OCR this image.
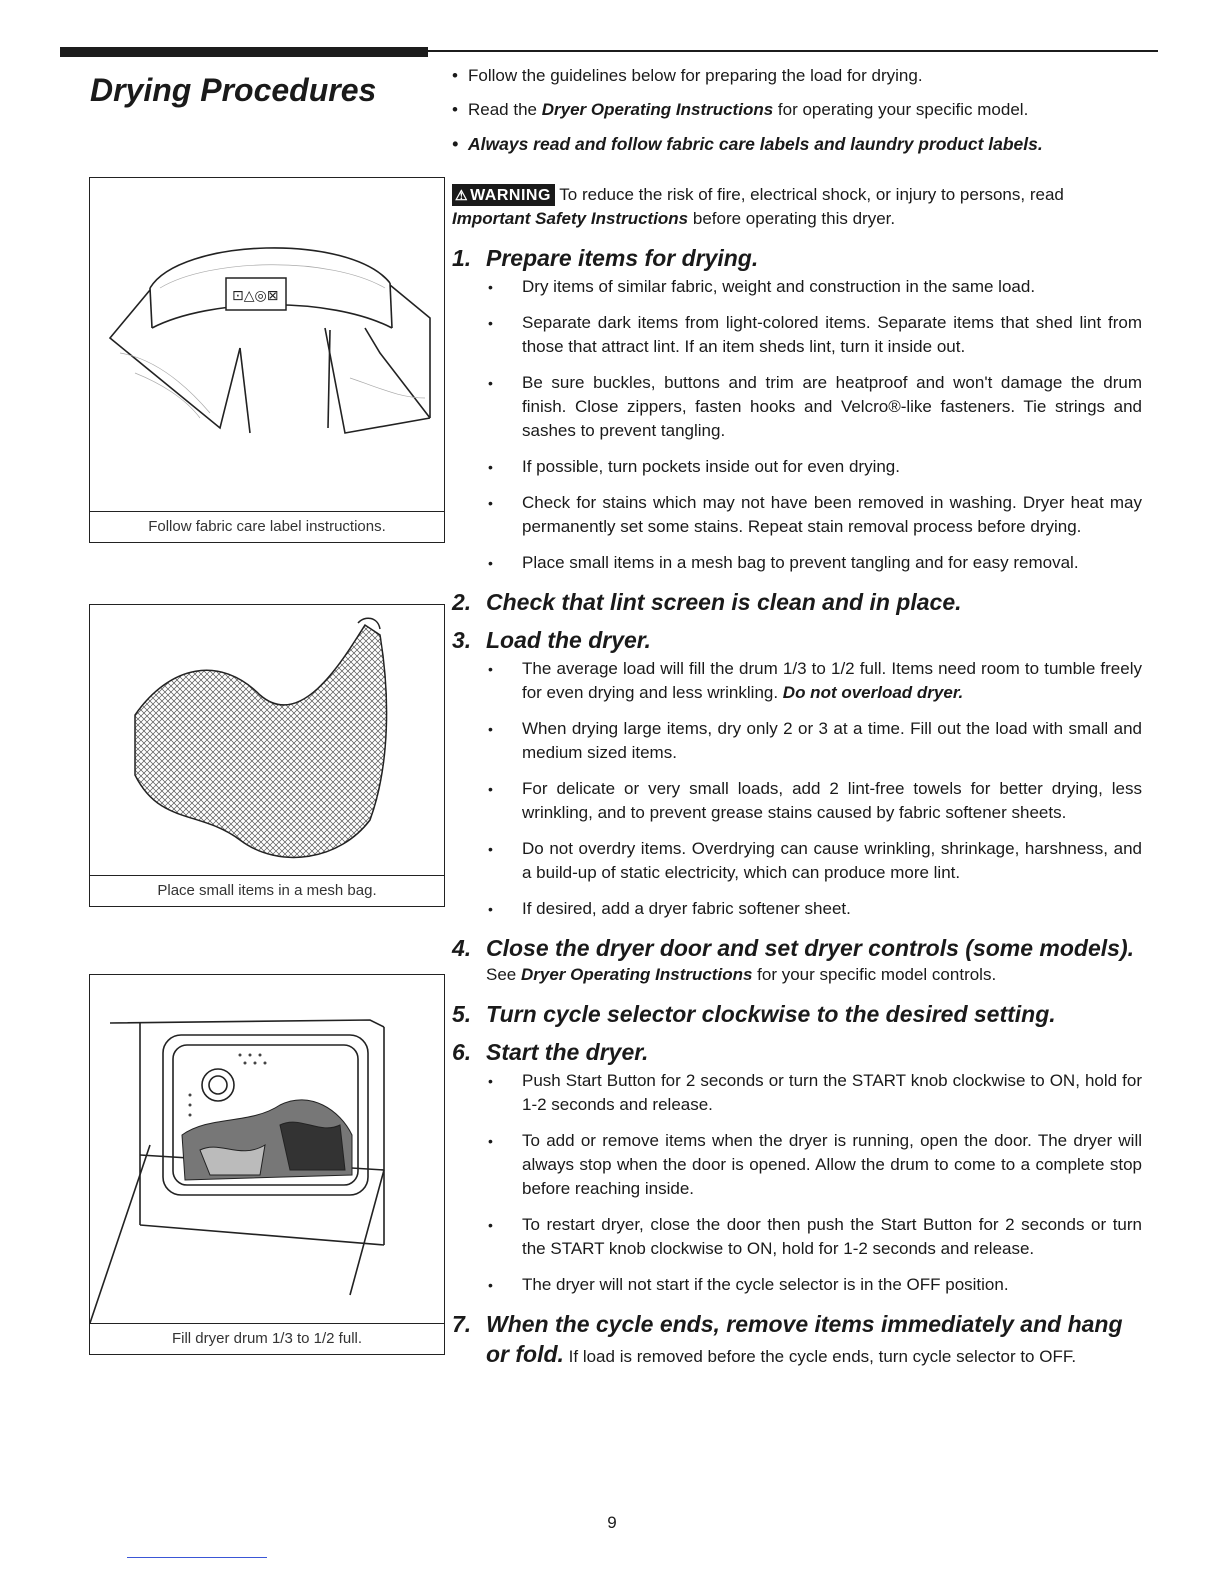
Drying Procedures
•	Follow the guidelines below for preparing the load for drying.
• Read the Dryer Operating Instructions for operating your specific model.
• Always read and follow fabric care labels and laundry product labels.
⊡△◎⊠
Follow fabric care label instructions.
Place small items in a mesh bag.
Fill dryer drum 1/3 to 1/2 full.

⚠ WARNING To reduce the risk of fire, electrical shock, or injury to persons, read Important Safety Instructions before operating this dryer.

1. Prepare items for drying.

• Dry items of similar fabric, weight and construction in the same load.
• Separate dark items from light-colored items. Separate items that shed lint from those that attract lint. If an item sheds lint, turn it inside out.
• Be sure buckles, buttons and trim are heatproof and won't damage the drum finish. Close zippers, fasten hooks and Velcro®-like fasteners. Tie strings and sashes to prevent tangling.
• If possible, turn pockets inside out for even drying.
• Check for stains which may not have been removed in washing. Dryer heat may permanently set some stains. Repeat stain removal process before drying.
• Place small items in a mesh bag to prevent tangling and for easy removal.
2. Check that lint screen is clean and in place.

3. Load the dryer.

• The average load will fill the drum 1/3 to 1/2 full. Items need room to tumble freely for even drying and less wrinkling. Do not overload dryer.
• When drying large items, dry only 2 or 3 at a time. Fill out the load with small and medium sized items.
• For delicate or very small loads, add 2 lint-free towels for better drying, less wrinkling, and to prevent grease stains caused by fabric softener sheets.
• Do not overdry items. Overdrying can cause wrinkling, shrinkage, harshness, and a build-up of static electricity, which can produce more lint.
• If desired, add a dryer fabric softener sheet.
4. Close the dryer door and set dryer controls (some models).

See Dryer Operating Instructions for your specific model controls.

5. Turn cycle selector clockwise to the desired setting.

6. Start the dryer.

• Push Start Button for 2 seconds or turn the START knob clockwise to ON, hold for 1-2 seconds and release.
• To add or remove items when the dryer is running, open the door. The dryer will always stop when the door is opened. Allow the drum to come to a complete stop before reaching inside.
• To restart dryer, close the door then push the Start Button for 2 seconds or turn the START knob clockwise to ON, hold for 1-2 seconds and release.
• The dryer will not start if the cycle selector is in the OFF position.
7. When the cycle ends, remove items immediately and hang or fold. If load is removed before the cycle ends, turn cycle selector to OFF.

9
